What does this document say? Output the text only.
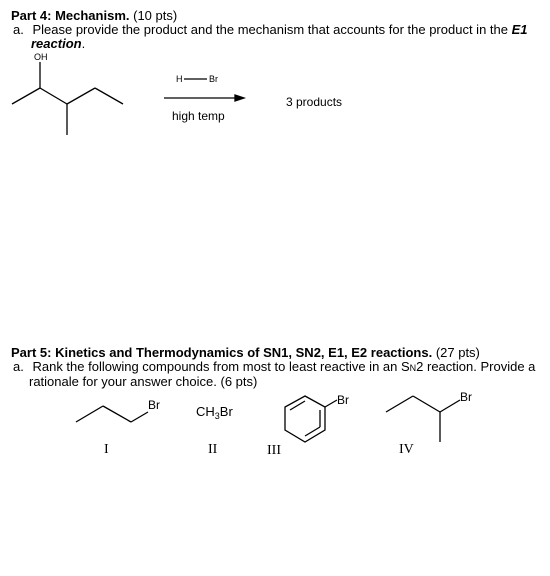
Part 4: Mechanism. (10 pts)
a. Please provide the product and the mechanism that accounts for the product in the E1
reaction.
OH
H	Br
high temp
3 products
Part 5: Kinetics and Thermodynamics of SN1, SN2, E1, E2 reactions. (27 pts)
a. Rank the following compounds from most to least reactive in an SN2 reaction. Provide a
rationale for your answer choice. (6 pts)
Br	$CH_3Br$
Br	Br
I	II	III	IV
